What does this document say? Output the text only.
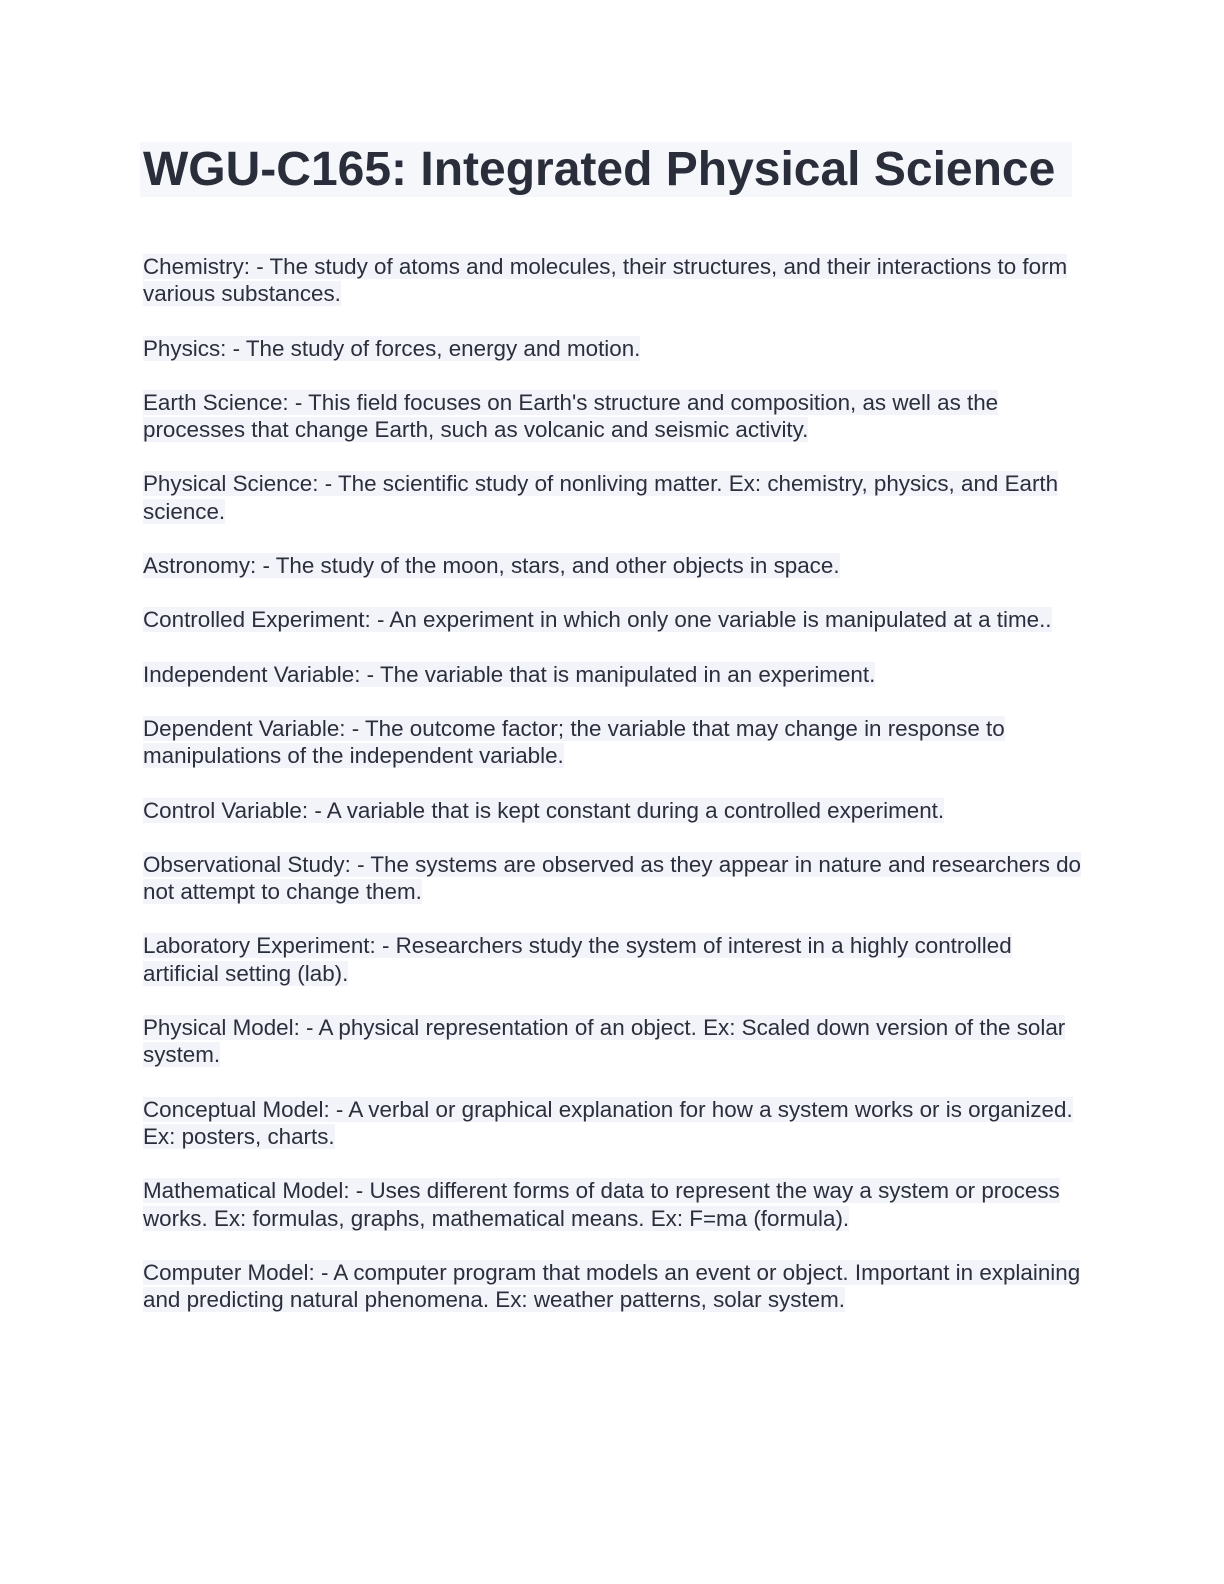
WGU-C165: Integrated Physical Science

Chemistry: - The study of atoms and molecules, their structures, and their interactions to form various substances.

Physics: - The study of forces, energy and motion.

Earth Science: - This field focuses on Earth's structure and composition, as well as the processes that change Earth, such as volcanic and seismic activity.

Physical Science: - The scientific study of nonliving matter. Ex: chemistry, physics, and Earth science.

Astronomy: - The study of the moon, stars, and other objects in space.

Controlled Experiment: - An experiment in which only one variable is manipulated at a time..

Independent Variable: - The variable that is manipulated in an experiment.

Dependent Variable: - The outcome factor; the variable that may change in response to manipulations of the independent variable.

Control Variable: - A variable that is kept constant during a controlled experiment.

Observational Study: - The systems are observed as they appear in nature and researchers do not attempt to change them.

Laboratory Experiment: - Researchers study the system of interest in a highly controlled artificial setting (lab).

Physical Model: - A physical representation of an object. Ex: Scaled down version of the solar system.

Conceptual Model: - A verbal or graphical explanation for how a system works or is organized. Ex: posters, charts.

Mathematical Model: - Uses different forms of data to represent the way a system or process works. Ex: formulas, graphs, mathematical means. Ex: F=ma (formula).

Computer Model: - A computer program that models an event or object. Important in explaining and predicting natural phenomena. Ex: weather patterns, solar system.
